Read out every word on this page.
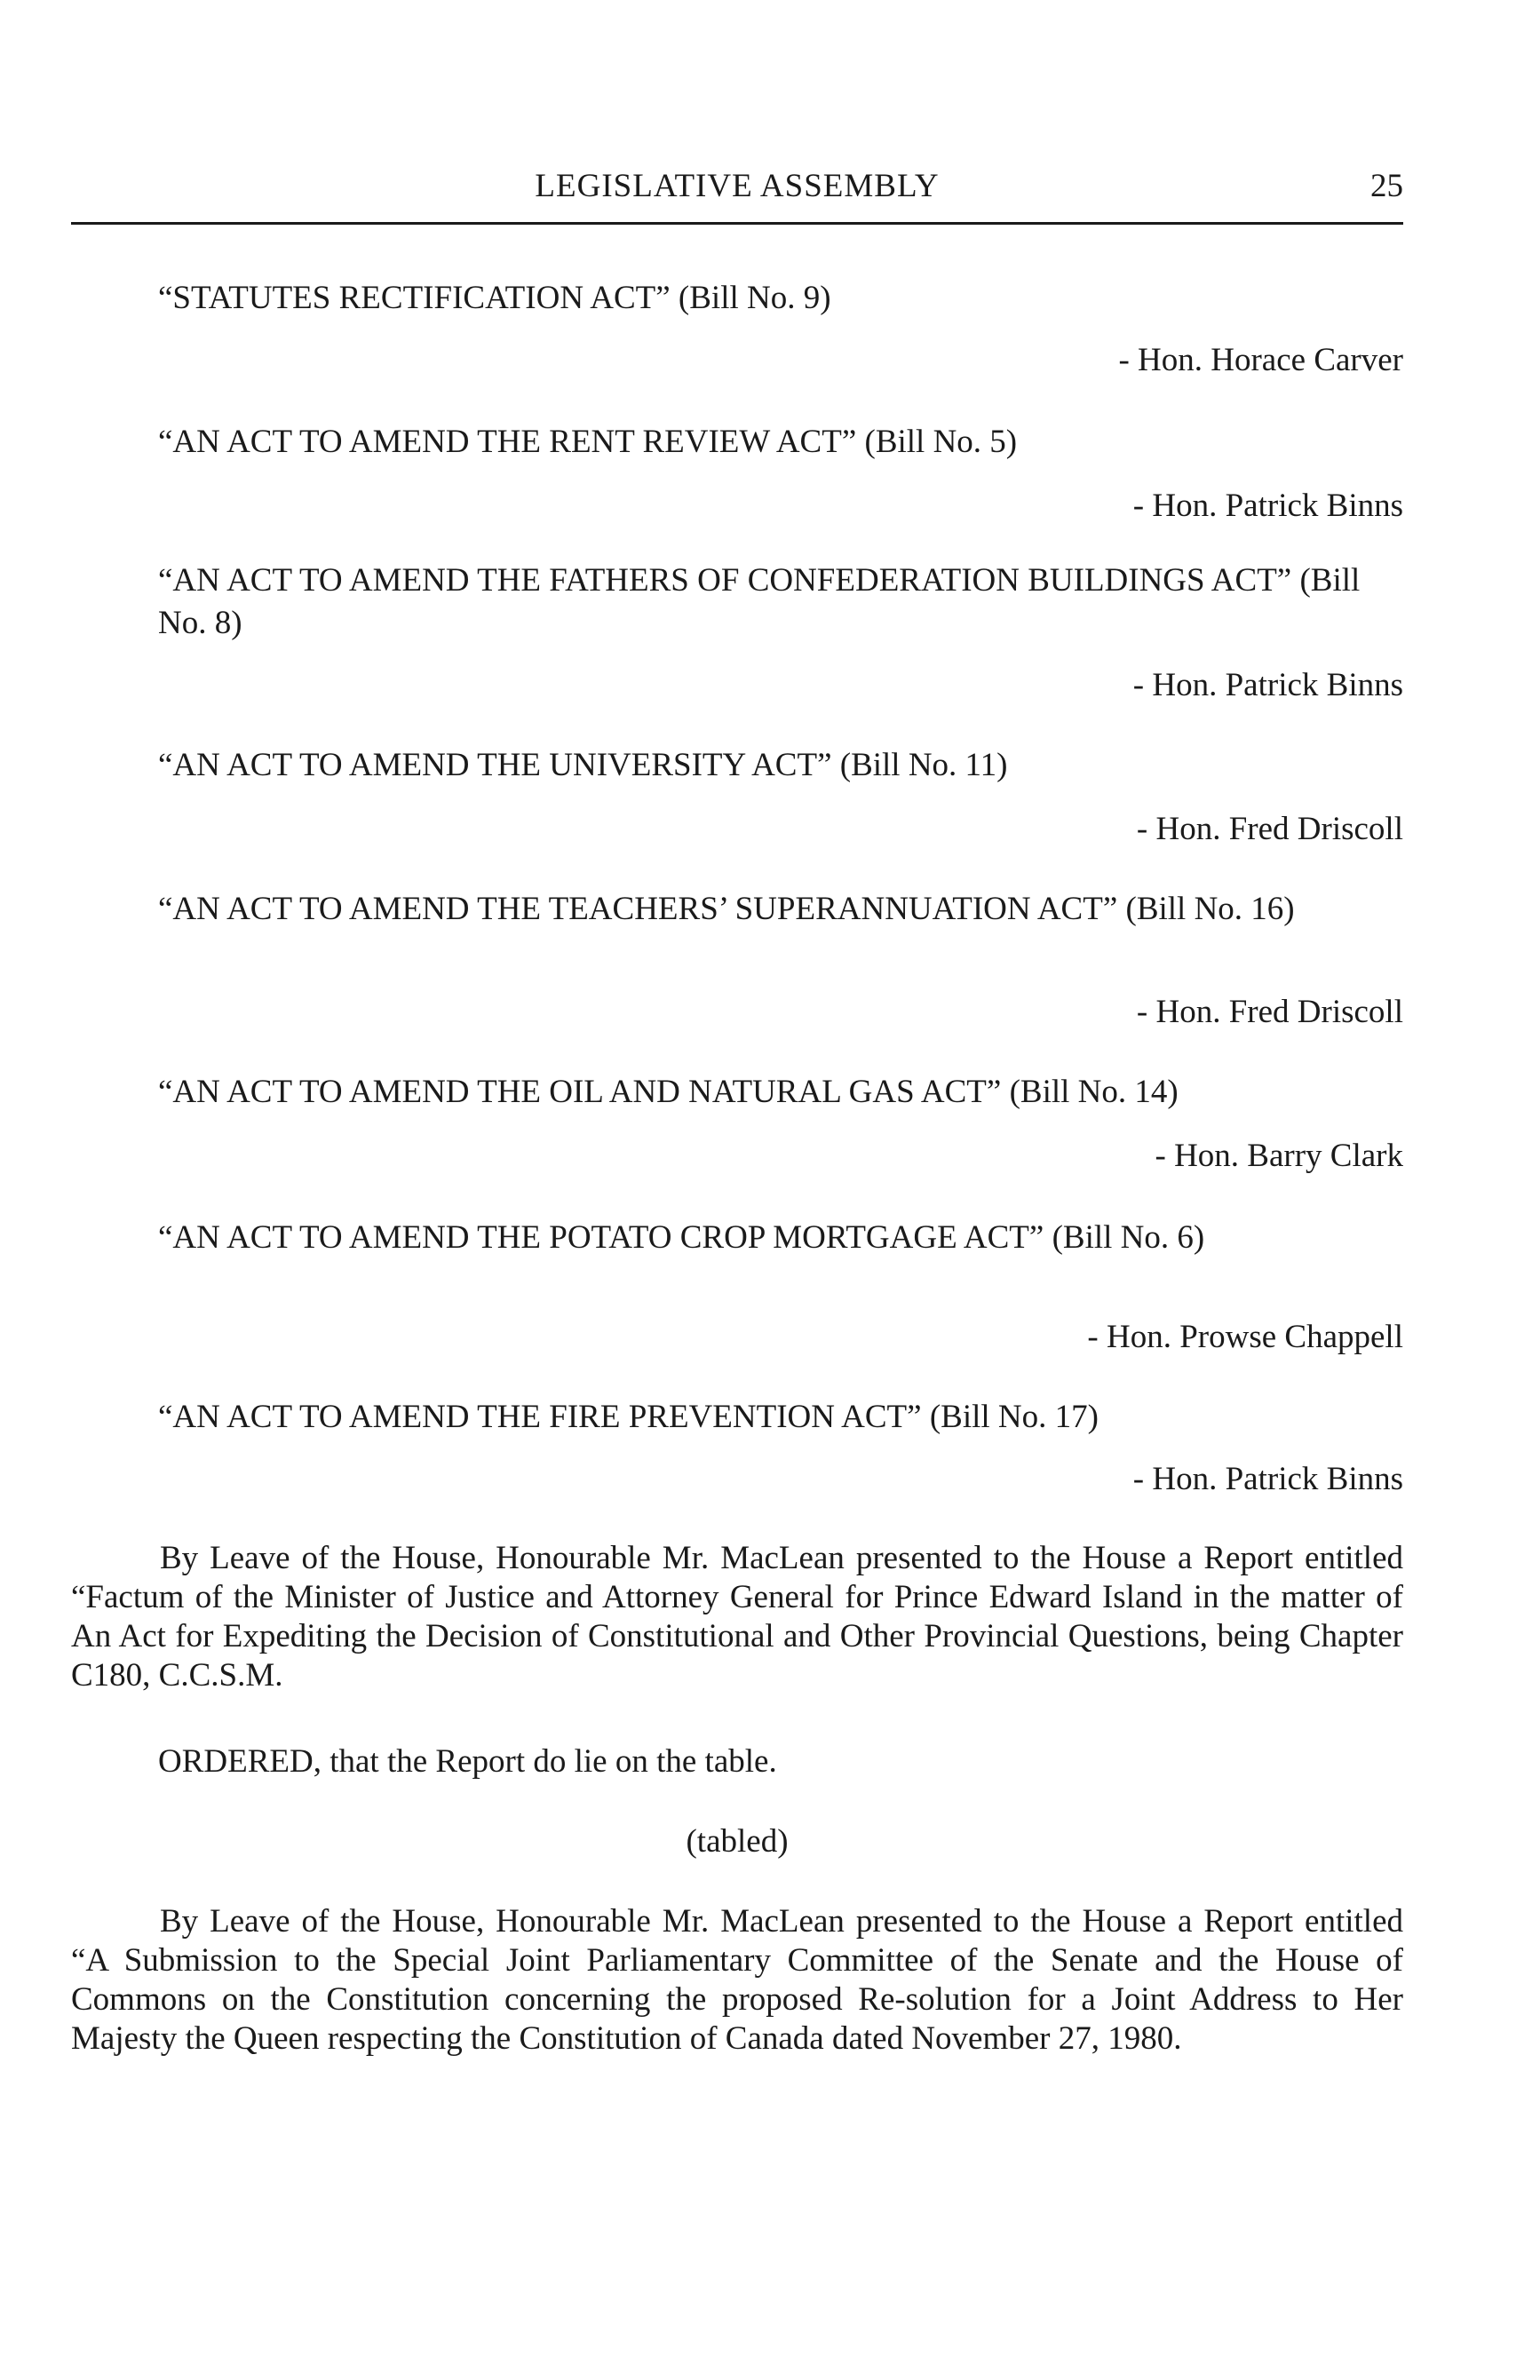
LEGISLATIVE ASSEMBLY	25

“STATUTES RECTIFICATION ACT” (Bill No. 9)

- Hon. Horace Carver

“AN ACT TO AMEND THE RENT REVIEW ACT” (Bill No. 5)

- Hon. Patrick Binns

“AN ACT TO AMEND THE FATHERS OF CONFEDERATION BUILDINGS ACT” (Bill No. 8)

- Hon. Patrick Binns

“AN ACT TO AMEND THE UNIVERSITY ACT” (Bill No. 11)

- Hon. Fred Driscoll

“AN ACT TO AMEND THE TEACHERS’ SUPERANNUATION ACT” (Bill No. 16)

- Hon. Fred Driscoll

“AN ACT TO AMEND THE OIL AND NATURAL GAS ACT” (Bill No. 14)

- Hon. Barry Clark

“AN ACT TO AMEND THE POTATO CROP MORTGAGE ACT” (Bill No. 6)

- Hon. Prowse Chappell

“AN ACT TO AMEND THE FIRE PREVENTION ACT” (Bill No. 17)

- Hon. Patrick Binns

By Leave of the House, Honourable Mr. MacLean presented to the House a Report entitled “Factum of the Minister of Justice and Attorney General for Prince Edward Island in the matter of An Act for Expediting the Decision of Constitutional and Other Provincial Questions, being Chapter C180, C.C.S.M.

ORDERED, that the Report do lie on the table.
(tabled)

By Leave of the House, Honourable Mr. MacLean presented to the House a Report entitled “A Submission to the Special Joint Parliamentary Committee of the Senate and the House of Commons on the Constitution concerning the proposed Re-solution for a Joint Address to Her Majesty the Queen respecting the Constitution of Canada dated November 27, 1980.
